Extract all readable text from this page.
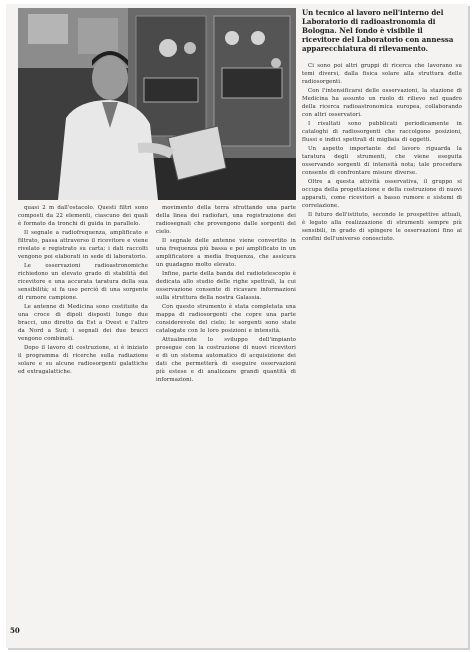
Un tecnico al lavoro nell'interno del Laboratorio di radioastronomia di Bologna. Nel fondo è visibile il ricevitore del Laboratorio con annessa apparecchiatura di rilevamento.

quasi 2 m dall'ostacolo. Questi filtri sono composti da 22 elementi, ciascuno dei quali è formato da tronchi di guida in parallelo.

Il segnale a radiofrequenza, amplificato e filtrato, passa attraverso il ricevitore e viene rivelato e registrato su carta; i dati raccolti vengono poi elaborati in sede di laboratorio.

Le osservazioni radioastronomiche richiedono un elevato grado di stabilità del ricevitore e una accurata taratura della sua sensibilità; si fa uso perciò di una sorgente di rumore campione.

Le antenne di Medicina sono costituite da una croce di dipoli disposti lungo due bracci, uno diretto da Est a Ovest e l'altro da Nord a Sud; i segnali dei due bracci vengono combinati.

Dopo il lavoro di costruzione, si è iniziato il programma di ricerche sulla radiazione solare e su alcune radiosorgenti galattiche ed extragalattiche.

movimento della terra sfruttando una parte della linea dei radiofari, una registrazione dei radiosegnali che provengono dalle sorgenti del cielo.

Il segnale delle antenne viene convertito in una frequenza più bassa e poi amplificato in un amplificatore a media frequenza, che assicura un guadagno molto elevato.

Infine, parte della banda del radiotelescopio è dedicata allo studio delle righe spettrali, la cui osservazione consente di ricavare informazioni sulla struttura della nostra Galassia.

Con questo strumento è stata completata una mappa di radiosorgenti che copre una parte considerevole del cielo; le sorgenti sono state catalogate con le loro posizioni e intensità.

Attualmente lo sviluppo dell'impianto prosegue con la costruzione di nuovi ricevitori e di un sistema automatico di acquisizione dei dati che permetterà di eseguire osservazioni più estese e di analizzare grandi quantità di informazioni.

Ci sono poi altri gruppi di ricerca che lavorano su temi diversi, dalla fisica solare alla struttura delle radiosorgenti.

Con l'intensificarsi delle osservazioni, la stazione di Medicina ha assunto un ruolo di rilievo nel quadro della ricerca radioastronomica europea, collaborando con altri osservatori.

I risultati sono pubblicati periodicamente in cataloghi di radiosorgenti che raccolgono posizioni, flussi e indici spettrali di migliaia di oggetti.

Un aspetto importante del lavoro riguarda la taratura degli strumenti, che viene eseguita osservando sorgenti di intensità nota; tale procedura consente di confrontare misure diverse.

Oltre a questa attività osservativa, il gruppo si occupa della progettazione e della costruzione di nuovi apparati, come ricevitori a basso rumore e sistemi di correlazione.

Il futuro dell'istituto, secondo le prospettive attuali, è legato alla realizzazione di strumenti sempre più sensibili, in grado di spingere le osservazioni fino ai confini dell'universo conosciuto.

50
